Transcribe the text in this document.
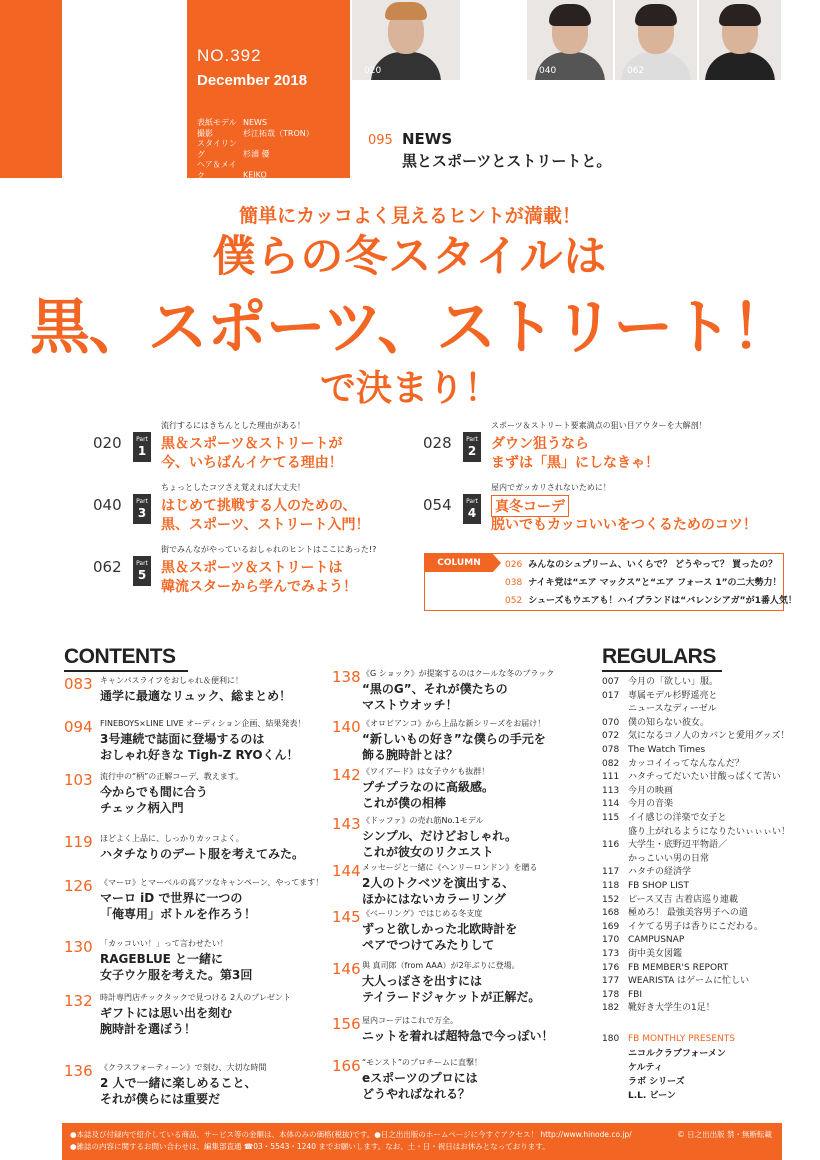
NO.392
December 2018
表紙モデル NEWS
撮影	杉江拓哉（TRON）
スタイリング	杉浦 優
ヘア＆メイク	KEIKO
デザイン 山谷吉立（ma-h gra）
020	040	062
095 NEWS
黒とスポーツとストリートと。
簡単にカッコよく見えるヒントが満載！
僕らの冬スタイルは
黒、スポーツ、ストリート！
で決まり！
020	Part
1
流行するにはきちんとした理由がある！
黒＆スポーツ＆ストリートが
今、いちばんイケてる理由！
028	Part
2
スポーツ＆ストリート要素満点の狙い目アウターを大解剖！
ダウン狙うなら
まずは「黒」にしなきゃ！
040	Part
3
ちょっとしたコツさえ覚えれば大丈夫！
はじめて挑戦する人のための、
黒、スポーツ、ストリート入門！
054	Part
4
屋内でガッカリされないために！
真冬コーデ
脱いでもカッコいいをつくるためのコツ！
062	Part
5
街でみんながやっているおしゃれのヒントはここにあった!?
黒＆スポーツ＆ストリートは
韓流スターから学んでみよう！
COLUMN	026 みんなのシュプリーム、いくらで？ どうやって？ 買ったの？
038 ナイキ党は“エア マックス”と“エア フォース 1”の二大勢力！
052 シューズもウエアも！ハイブランドは“バレンシアガ”が1番人気！
CONTENTS	REGULARS
083 キャンパスライフをおしゃれ＆便利に！
通学に最適なリュック、総まとめ！
094 FINEBOYS×LINE LIVE オーディション企画、結果発表！
3号連続で誌面に登場するのは
おしゃれ好きな Tigh-Z RYOくん！
103 流行中の“柄”の正解コーデ、教えます。
今からでも間に合う
チェック柄入門
119 ほどよく上品に、しっかりカッコよく。
ハタチなりのデート服を考えてみた。
126 《マーロ》とマーベルの高アツなキャンペーン、やってます！
マーロ iD で世界に一つの
「俺専用」ボトルを作ろう！
130 「カッコいい！」って言わせたい！
RAGEBLUE と一緒に
女子ウケ服を考えた。第3回
132 時計専門店チックタックで見つける 2人のプレゼント
ギフトには思い出を刻む
腕時計を選ぼう！
136 《クラスフォーティーン》で刻む、大切な時間
2 人で一緒に楽しめること、
それが僕らには重要だ
138 《G ショック》が提案するのはクールな冬のブラック
“黒のG”、それが僕たちの
マストウオッチ！
140 《オロビアンコ》から上品な新シリーズをお届け！
“新しいもの好き”な僕らの手元を
飾る腕時計とは？
142 《ワイアード》は女子ウケも抜群！
プチプラなのに高級感。
これが僕の相棒
143 《ドッファ》の売れ筋No.1モデル
シンプル、だけどおしゃれ。
これが彼女のリクエスト
144 メッセージと一緒に《ヘンリーロンドン》を贈る
2人のトクベツを演出する、
ほかにはないカラーリング
145 《ベーリング》ではじめる冬支度
ずっと欲しかった北欧時計を
ペアでつけてみたりして
146 與 真司郎（from AAA）が2年ぶりに登場。
大人っぽさを出すには
テイラードジャケットが正解だ。
156 屋内コーデはこれで万全。
ニットを着れば超特急で今っぽい！
166 “モンスト”のプロチームに直撃！
eスポーツのプロには
どうやればなれる？
007 今月の「欲しい」服。
017 専属モデル杉野遥亮と
ニュースなディーゼル
070 僕の知らない彼女。
072 気になるコノ人のカバンと愛用グッズ！
078 The Watch Times
082 カッコイイってなんなんだ？
111 ハタチってだいたい甘酸っぱくて苦い
113 今月の映画
114 今月の音楽
115 イイ感じの洋楽で女子と
盛り上がれるようになりたいぃぃぃい！
116 大学生・底野辺平物語／
かっこいい男の日常
117 ハタチの経済学
118 FB SHOP LIST
152 ピース又吉 古着店巡り連載
168 極めろ！ 最強美容男子への道
169 イケてる男子は香りにこだわる。
170 CAMPUSNAP
173 街中美女図鑑
176 FB MEMBER'S REPORT
177 WEARISTA はゲームに忙しい
178 FBI
182 靴好き大学生の1足！
180 FB MONTHLY PRESENTS
ニコルクラブフォーメン
ケルティ
ラボ シリーズ
L.L. ビーン
●本誌及び付録内で紹介している商品、サービス等の金額は、本体のみの価格(税抜)です。●日之出出版のホームページに今すぐアクセス！ http://www.hinode.co.jp/
●雑誌の内容に関するお問い合わせは、編集部直通 ☎03・5543・1240 までお願いします。なお、土・日・祝日はお休みとなっております。
© 日之出出版 禁・無断転載
